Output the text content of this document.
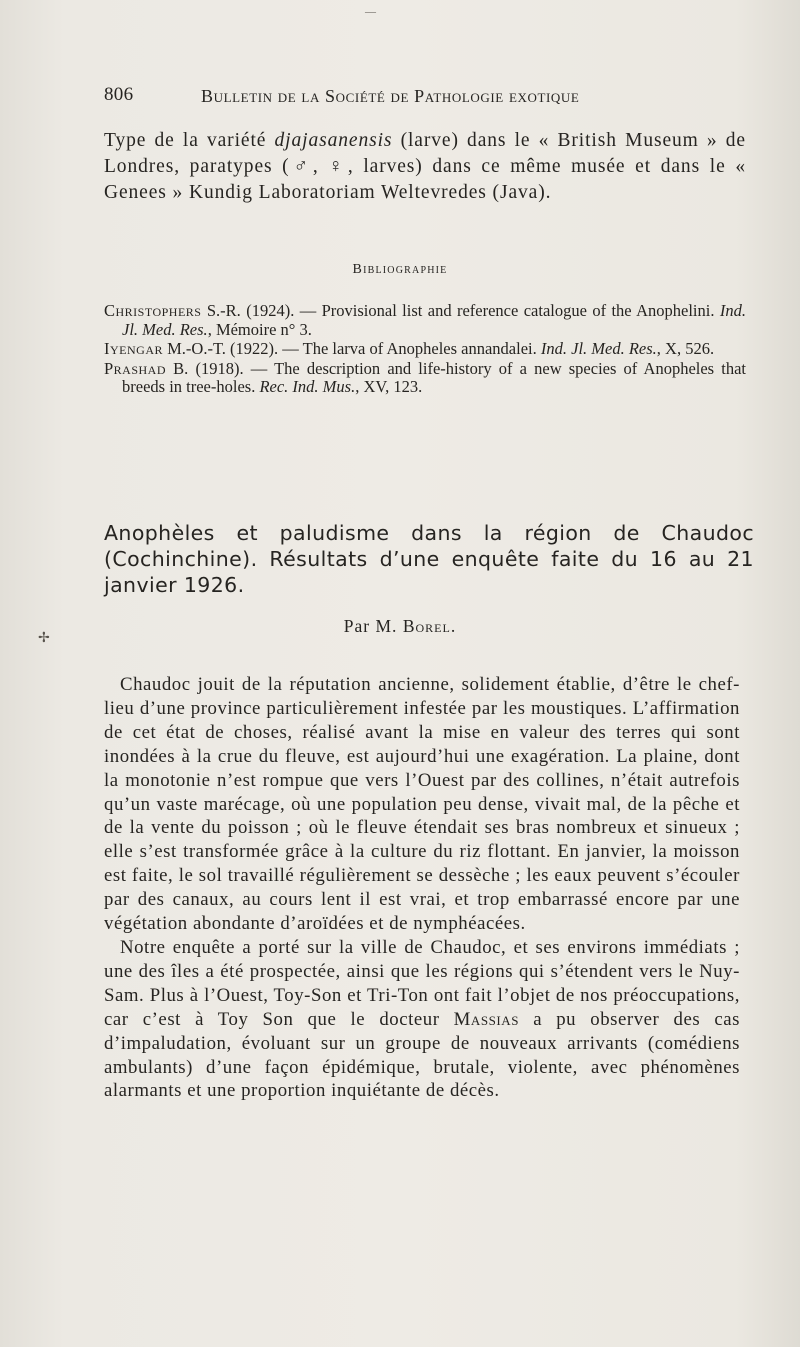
806	Bulletin de la Société de Pathologie exotique
Type de la variété djajasanensis (larve) dans le « British Museum » de Londres, paratypes (♂, ♀, larves) dans ce même musée et dans le « Genees » Kundig Laboratoriam Weltevredes (Java).
Bibliographie

Christophers S.-R. (1924). — Provisional list and reference catalogue of the Anophelini. Ind. Jl. Med. Res., Mémoire n° 3.

Iyengar M.-O.-T. (1922). — The larva of Anopheles annandalei. Ind. Jl. Med. Res., X, 526.

Prashad B. (1918). — The description and life-history of a new species of Anopheles that breeds in tree-holes. Rec. Ind. Mus., XV, 123.

Anophèles et paludisme dans la région de Chaudoc (Cochinchine). Résultats d’une enquête faite du 16 au 21 janvier 1926.
Par M. Borel.

Chaudoc jouit de la réputation ancienne, solidement établie, d’être le chef-lieu d’une province particulièrement infestée par les moustiques. L’affirmation de cet état de choses, réalisé avant la mise en valeur des terres qui sont inondées à la crue du fleuve, est aujourd’hui une exagération. La plaine, dont la monotonie n’est rompue que vers l’Ouest par des collines, n’était autrefois qu’un vaste marécage, où une population peu dense, vivait mal, de la pêche et de la vente du poisson ; où le fleuve étendait ses bras nombreux et sinueux ; elle s’est transformée grâce à la culture du riz flottant. En janvier, la moisson est faite, le sol travaillé régulièrement se dessèche ; les eaux peuvent s’écouler par des canaux, au cours lent il est vrai, et trop embarrassé encore par une végétation abondante d’aroïdées et de nymphéacées.

Notre enquête a porté sur la ville de Chaudoc, et ses environs immédiats ; une des îles a été prospectée, ainsi que les régions qui s’étendent vers le Nuy-Sam. Plus à l’Ouest, Toy-Son et Tri-Ton ont fait l’objet de nos préoccupations, car c’est à Toy Son que le docteur Massias a pu observer des cas d’impaludation, évoluant sur un groupe de nouveaux arrivants (comédiens ambulants) d’une façon épidémique, brutale, violente, avec phénomènes alarmants et une proportion inquiétante de décès.

✢
—
